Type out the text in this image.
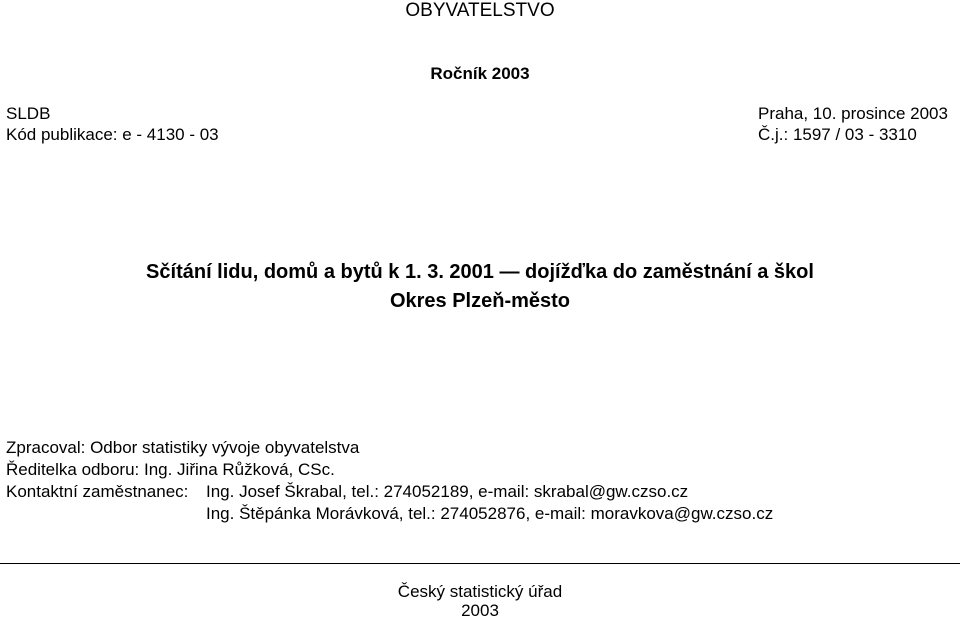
OBYVATELSTVO
Ročník 2003
SLDB
Kód publikace: e - 4130 - 03
Praha, 10. prosince 2003
Č.j.: 1597 / 03 - 3310
Sčítání lidu, domů a bytů k 1. 3. 2001 — dojížďka do zaměstnání a škol
Okres Plzeň-město
Zpracoval: Odbor statistiky vývoje obyvatelstva
Ředitelka odboru: Ing. Jiřina Růžková, CSc.
Kontaktní zaměstnanec: Ing. Josef Škrabal, tel.: 274052189, e-mail: skrabal@gw.czso.cz
Ing. Štěpánka Morávková, tel.: 274052876, e-mail: moravkova@gw.czso.cz
Český statistický úřad
2003
